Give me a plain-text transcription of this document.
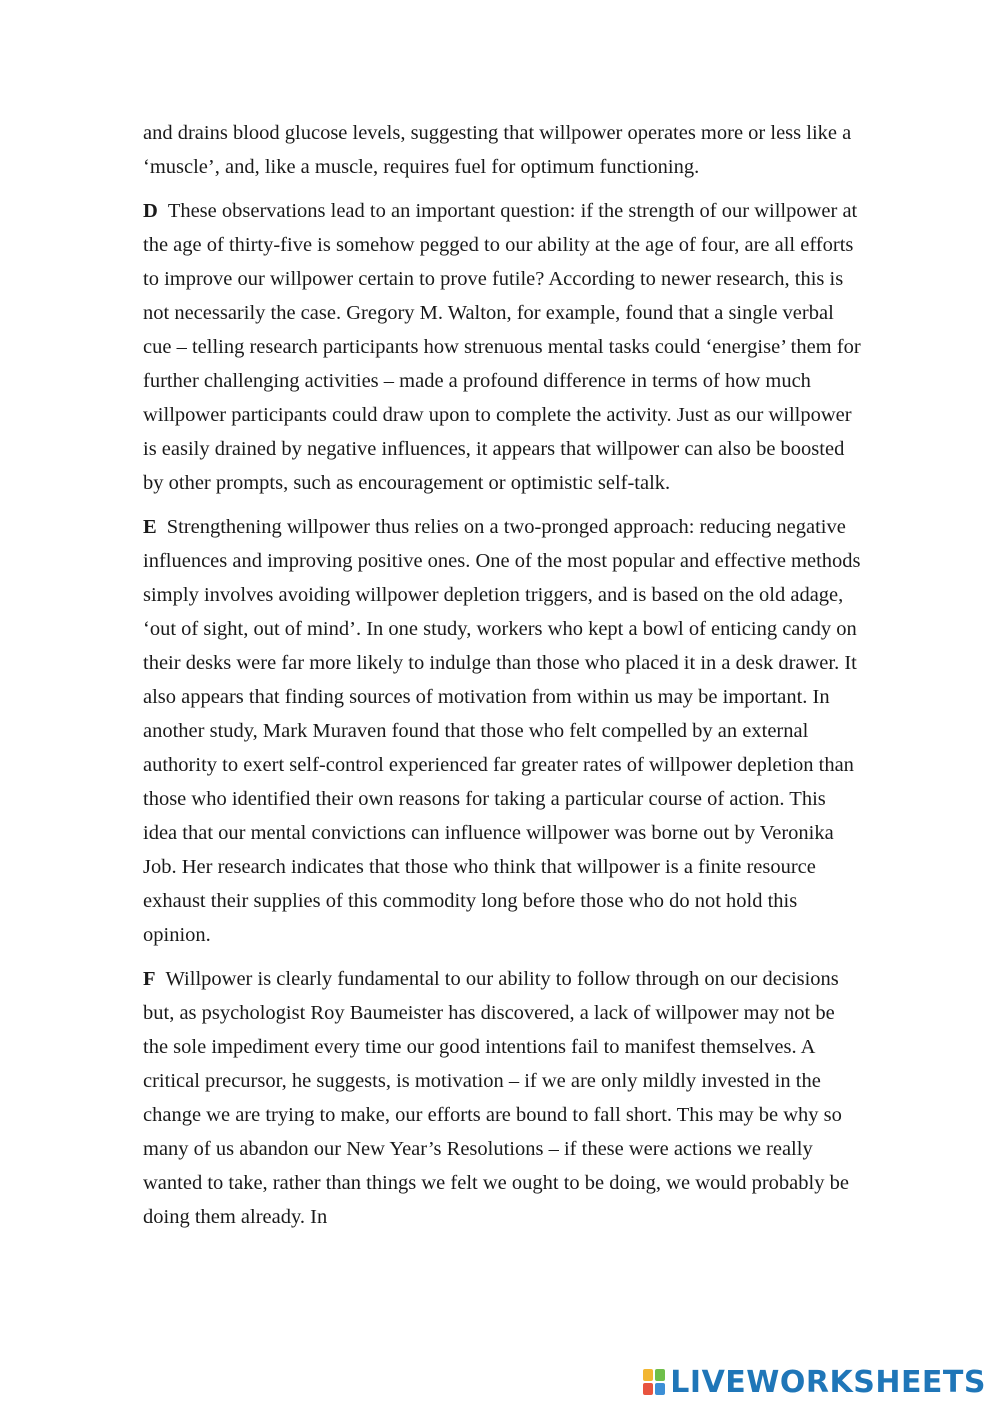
and drains blood glucose levels, suggesting that willpower operates more or less like a ‘muscle’, and, like a muscle, requires fuel for optimum functioning.

D These observations lead to an important question: if the strength of our willpower at the age of thirty-five is somehow pegged to our ability at the age of four, are all efforts to improve our willpower certain to prove futile? According to newer research, this is not necessarily the case. Gregory M. Walton, for example, found that a single verbal cue – telling research participants how strenuous mental tasks could ‘energise’ them for further challenging activities – made a profound difference in terms of how much willpower participants could draw upon to complete the activity. Just as our willpower is easily drained by negative influences, it appears that willpower can also be boosted by other prompts, such as encouragement or optimistic self-talk.

E Strengthening willpower thus relies on a two-pronged approach: reducing negative influences and improving positive ones. One of the most popular and effective methods simply involves avoiding willpower depletion triggers, and is based on the old adage, ‘out of sight, out of mind’. In one study, workers who kept a bowl of enticing candy on their desks were far more likely to indulge than those who placed it in a desk drawer. It also appears that finding sources of motivation from within us may be important. In another study, Mark Muraven found that those who felt compelled by an external authority to exert self-control experienced far greater rates of willpower depletion than those who identified their own reasons for taking a particular course of action. This idea that our mental convictions can influence willpower was borne out by Veronika Job. Her research indicates that those who think that willpower is a finite resource exhaust their supplies of this commodity long before those who do not hold this opinion.

F Willpower is clearly fundamental to our ability to follow through on our decisions but, as psychologist Roy Baumeister has discovered, a lack of willpower may not be the sole impediment every time our good intentions fail to manifest themselves. A critical precursor, he suggests, is motivation – if we are only mildly invested in the change we are trying to make, our efforts are bound to fall short. This may be why so many of us abandon our New Year’s Resolutions – if these were actions we really wanted to take, rather than things we felt we ought to be doing, we would probably be doing them already. In

LIVEWORKSHEETS
